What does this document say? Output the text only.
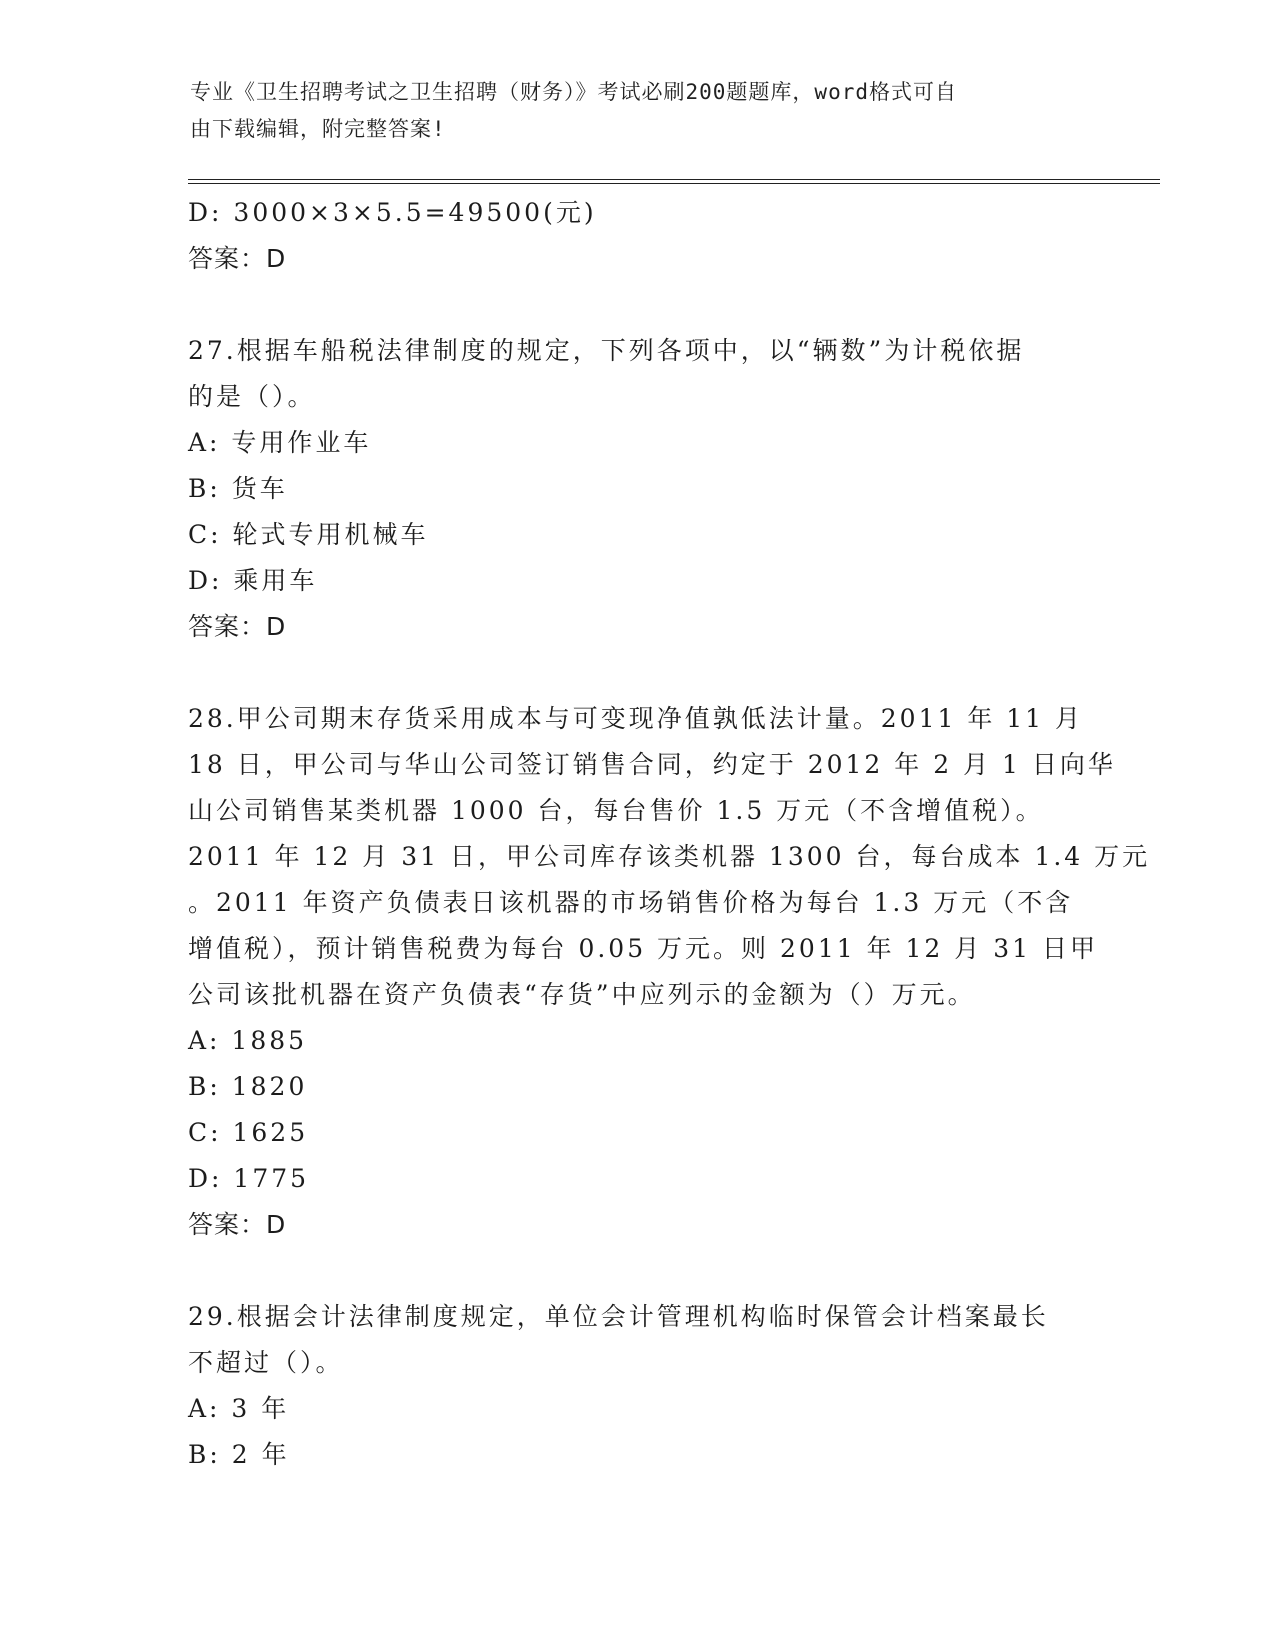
专业《卫生招聘考试之卫生招聘（财务）》考试必刷200题题库，word格式可自
由下载编辑，附完整答案!
D: 3000×3×5.5=49500(元)
答案：D
27.根据车船税法律制度的规定，下列各项中，以“辆数”为计税依据
的是（）。
A: 专用作业车
B: 货车
C: 轮式专用机械车
D: 乘用车
答案：D
28.甲公司期末存货采用成本与可变现净值孰低法计量。2011 年 11 月
18 日，甲公司与华山公司签订销售合同，约定于 2012 年 2 月 1 日向华
山公司销售某类机器 1000 台，每台售价 1.5 万元（不含增值税）。
2011 年 12 月 31 日，甲公司库存该类机器 1300 台，每台成本 1.4 万元
。2011 年资产负债表日该机器的市场销售价格为每台 1.3 万元（不含
增值税），预计销售税费为每台 0.05 万元。则 2011 年 12 月 31 日甲
公司该批机器在资产负债表“存货”中应列示的金额为（）万元。
A: 1885
B: 1820
C: 1625
D: 1775
答案：D
29.根据会计法律制度规定，单位会计管理机构临时保管会计档案最长
不超过（）。
A: 3 年
B: 2 年
